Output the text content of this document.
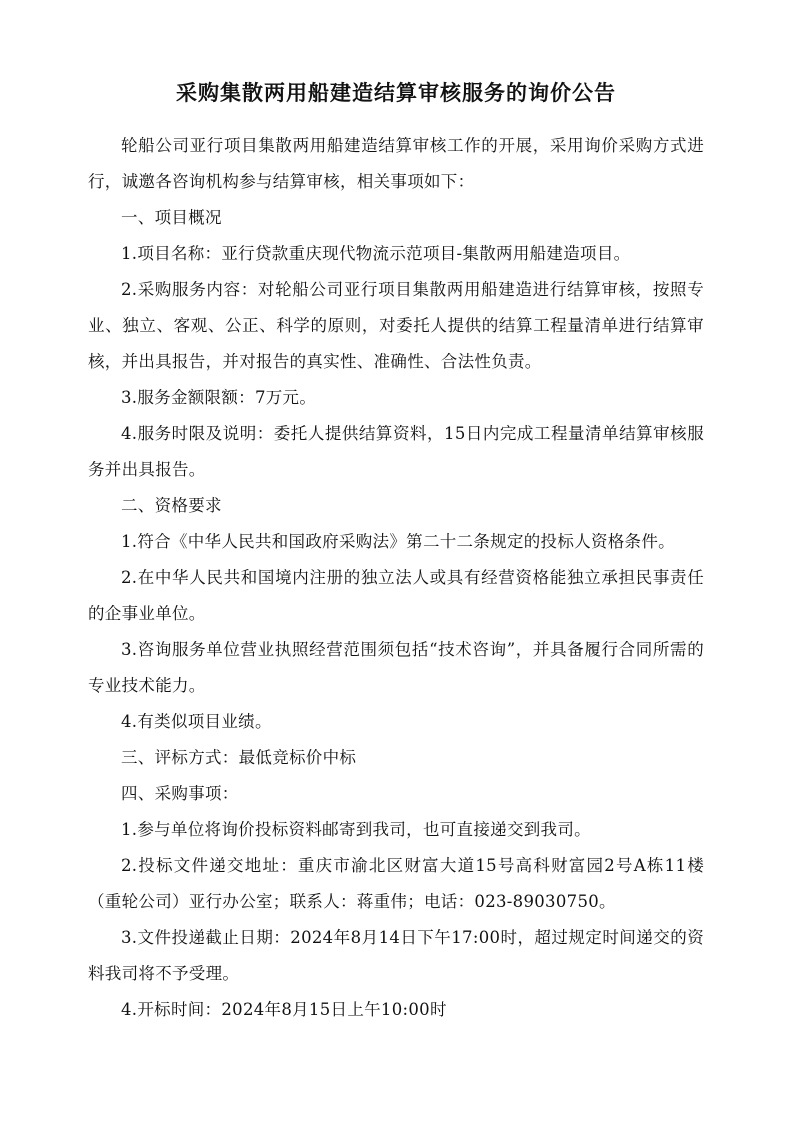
采购集散两用船建造结算审核服务的询价公告

轮船公司亚行项目集散两用船建造结算审核工作的开展，采用询价采购方式进行，诚邀各咨询机构参与结算审核，相关事项如下：

一、项目概况

1.项目名称：亚行贷款重庆现代物流示范项目-集散两用船建造项目。

2.采购服务内容：对轮船公司亚行项目集散两用船建造进行结算审核，按照专业、独立、客观、公正、科学的原则，对委托人提供的结算工程量清单进行结算审核，并出具报告，并对报告的真实性、准确性、合法性负责。

3.服务金额限额：7万元。

4.服务时限及说明：委托人提供结算资料，15日内完成工程量清单结算审核服务并出具报告。

二、资格要求

1.符合《中华人民共和国政府采购法》第二十二条规定的投标人资格条件。

2.在中华人民共和国境内注册的独立法人或具有经营资格能独立承担民事责任的企事业单位。

3.咨询服务单位营业执照经营范围须包括“技术咨询”，并具备履行合同所需的专业技术能力。

4.有类似项目业绩。

三、评标方式：最低竞标价中标

四、采购事项：

1.参与单位将询价投标资料邮寄到我司，也可直接递交到我司。

2.投标文件递交地址：重庆市渝北区财富大道15号高科财富园2号A栋11楼（重轮公司）亚行办公室；联系人：蒋重伟；电话：023-89030750。

3.文件投递截止日期：2024年8月14日下午17:00时，超过规定时间递交的资料我司将不予受理。

4.开标时间：2024年8月15日上午10:00时
